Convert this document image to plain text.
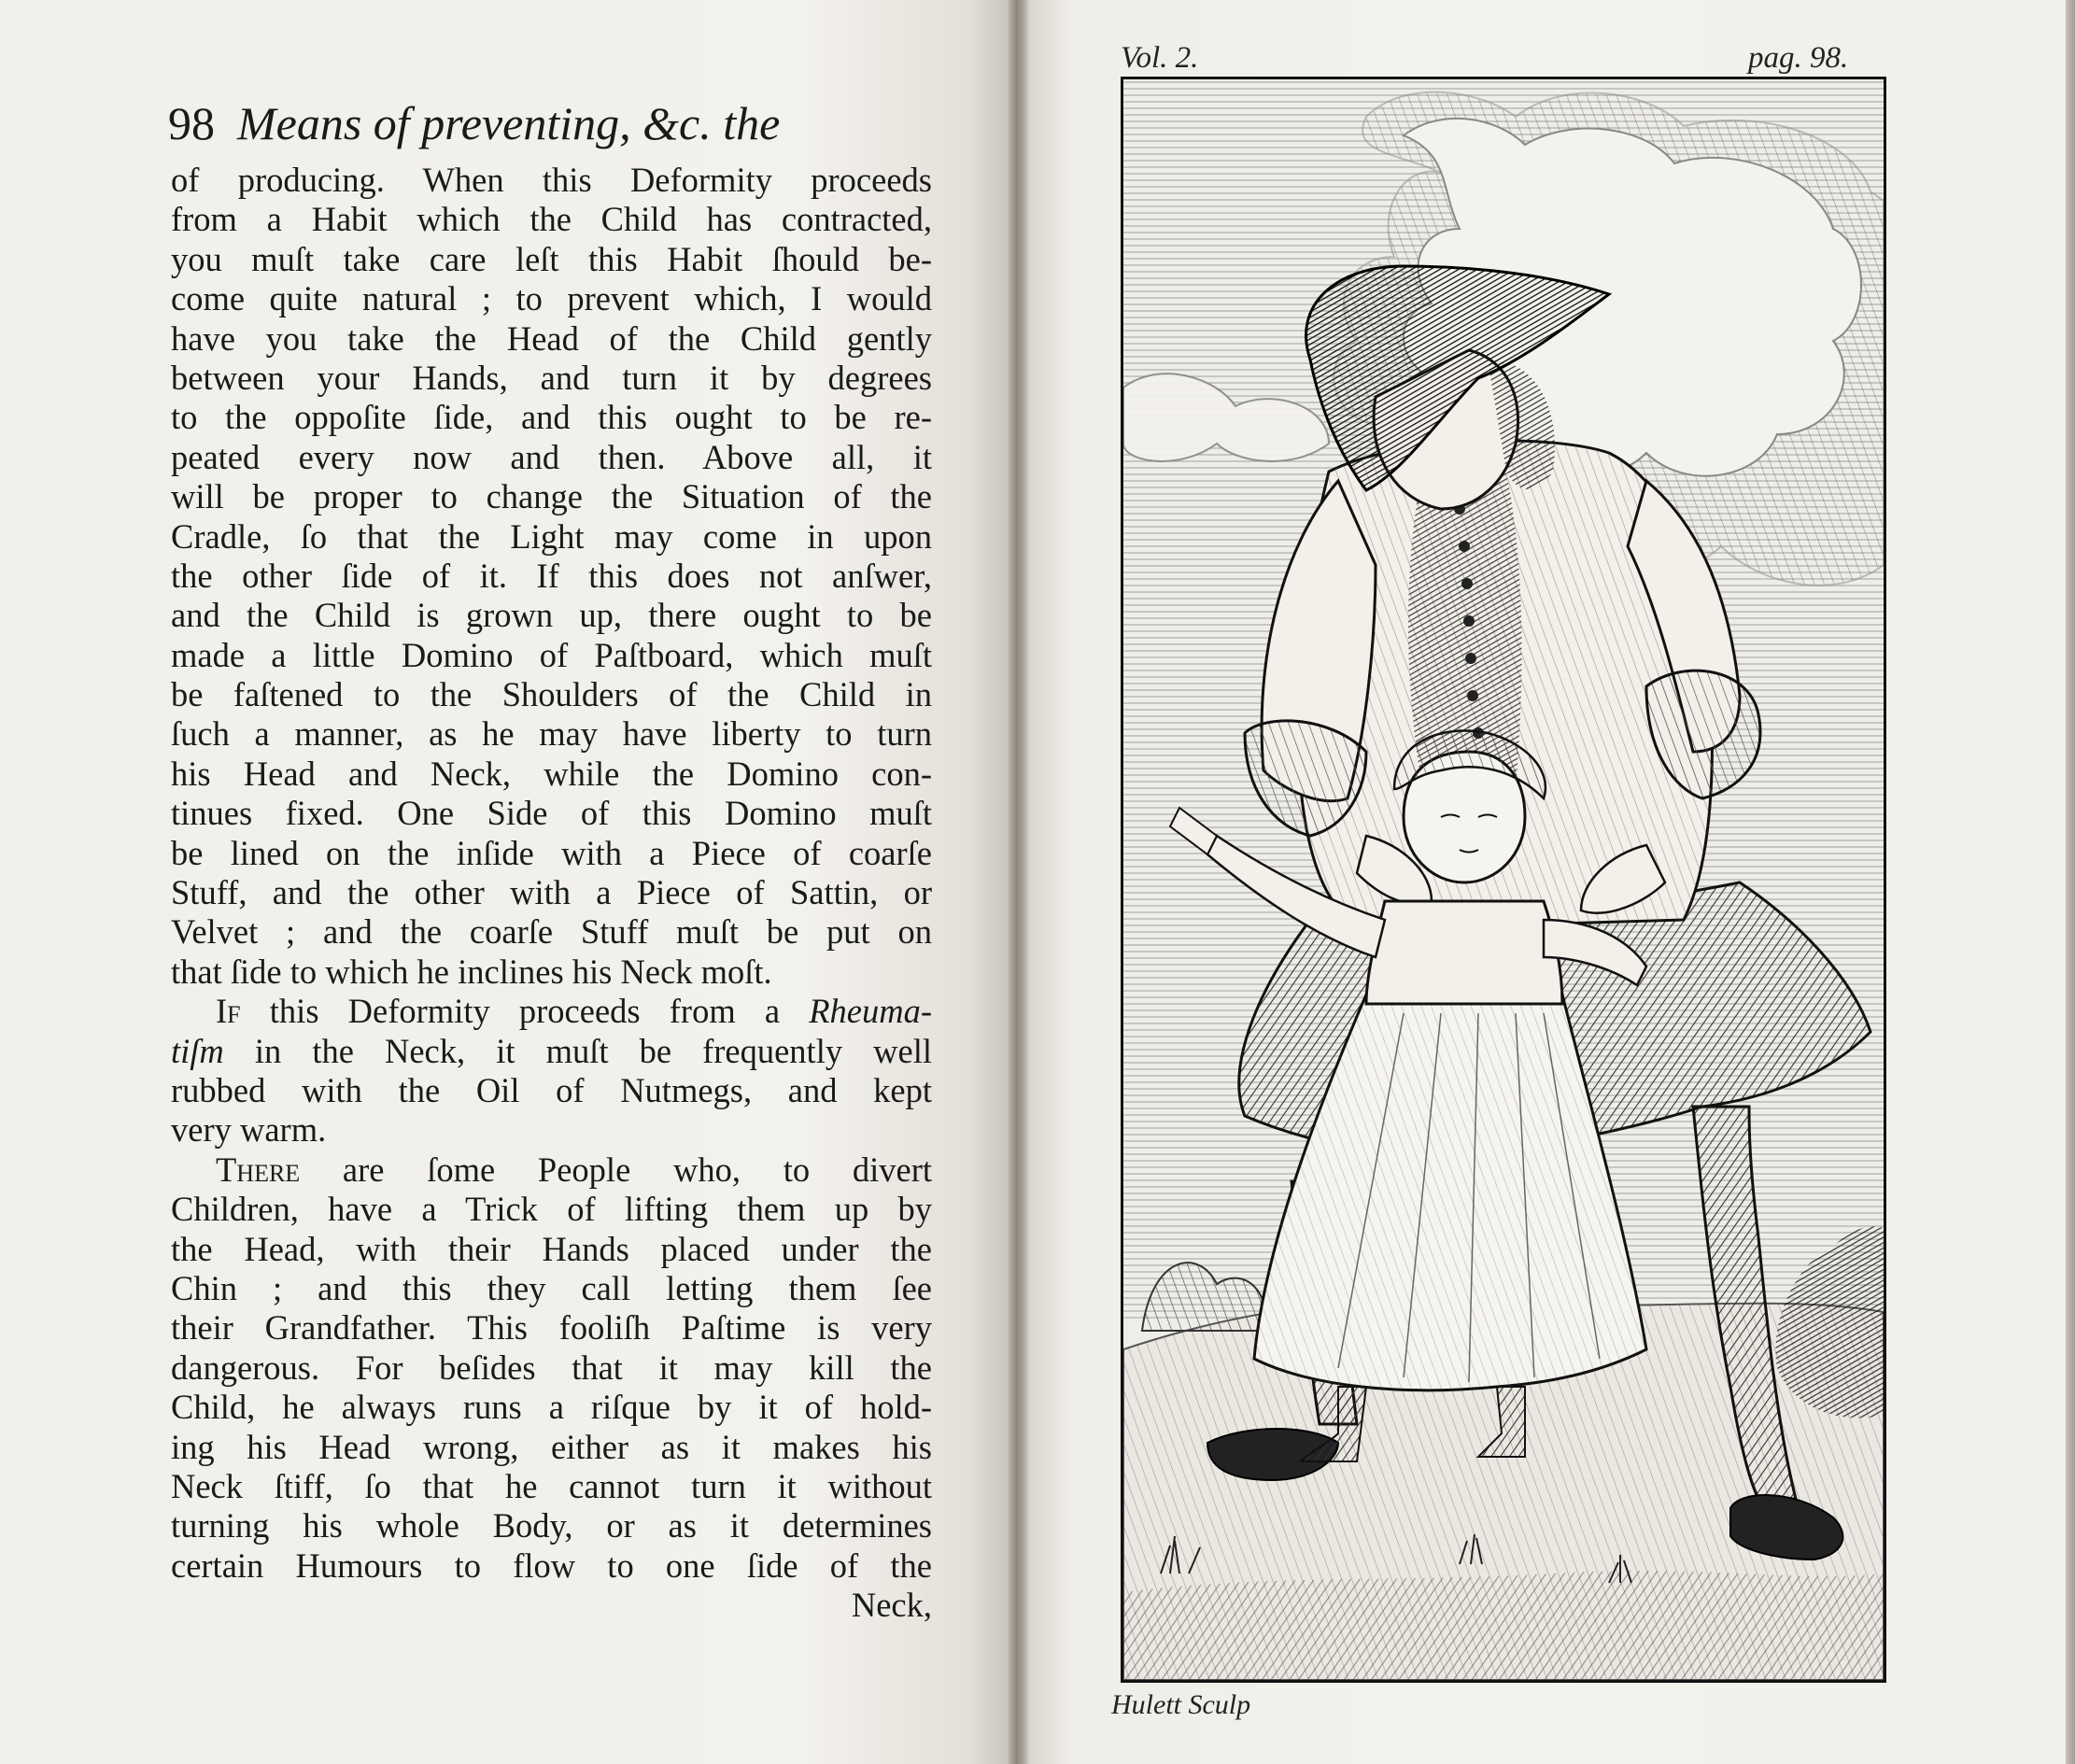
98 Means of preventing, &c. the
of producing. When this Deformity proceeds
from a Habit which the Child has contracted,
you muſt take care leſt this Habit ſhould be-
come quite natural ; to prevent which, I would
have you take the Head of the Child gently
between your Hands, and turn it by degrees
to the oppoſite ſide, and this ought to be re-
peated every now and then. Above all, it
will be proper to change the Situation of the
Cradle, ſo that the Light may come in upon
the other ſide of it. If this does not anſwer,
and the Child is grown up, there ought to be
made a little Domino of Paſtboard, which muſt
be faſtened to the Shoulders of the Child in
ſuch a manner, as he may have liberty to turn
his Head and Neck, while the Domino con-
tinues fixed. One Side of this Domino muſt
be lined on the inſide with a Piece of coarſe
Stuff, and the other with a Piece of Sattin, or
Velvet ; and the coarſe Stuff muſt be put on
that ſide to which he inclines his Neck moſt.
If this Deformity proceeds from a Rheuma-
tiſm in the Neck, it muſt be frequently well
rubbed with the Oil of Nutmegs, and kept
very warm.
There are ſome People who, to divert
Children, have a Trick of lifting them up by
the Head, with their Hands placed under the
Chin ; and this they call letting them ſee
their Grandfather. This fooliſh Paſtime is very
dangerous. For beſides that it may kill the
Child, he always runs a riſque by it of hold-
ing his Head wrong, either as it makes his
Neck ſtiff, ſo that he cannot turn it without
turning his whole Body, or as it determines
certain Humours to flow to one ſide of the
Neck,
Vol. 2.	pag. 98.
Hulett Sculp
